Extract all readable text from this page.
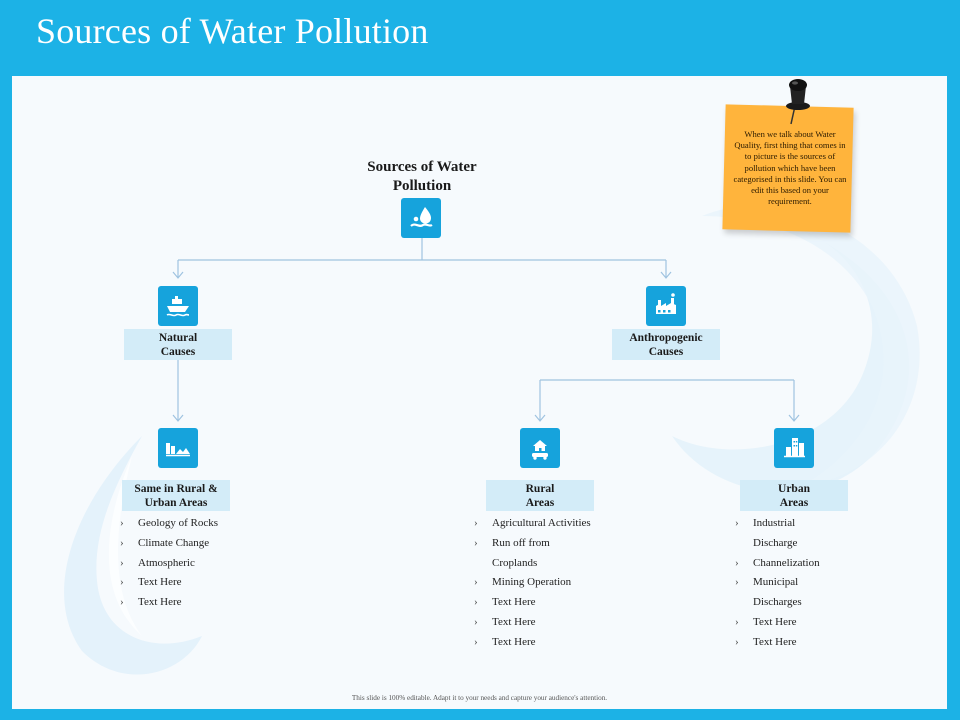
Sources of Water Pollution
Sources of Water
Pollution
Natural
Causes
Anthropogenic
Causes
Same in Rural &
Urban Areas
› Geology of Rocks
› Climate Change
› Atmospheric
› Text Here
› Text Here
Rural
Areas
› Agricultural Activities
› Run off from
Croplands
› Mining Operation
› Text Here
› Text Here
› Text Here
Urban
Areas
› Industrial
Discharge
› Channelization
› Municipal
Discharges
› Text Here
› Text Here
When we talk about Water Quality, first thing that comes in to picture is the sources of pollution which have been categorised in this slide. You can edit this based on your requirement.
This slide is 100% editable. Adapt it to your needs and capture your audience's attention.
